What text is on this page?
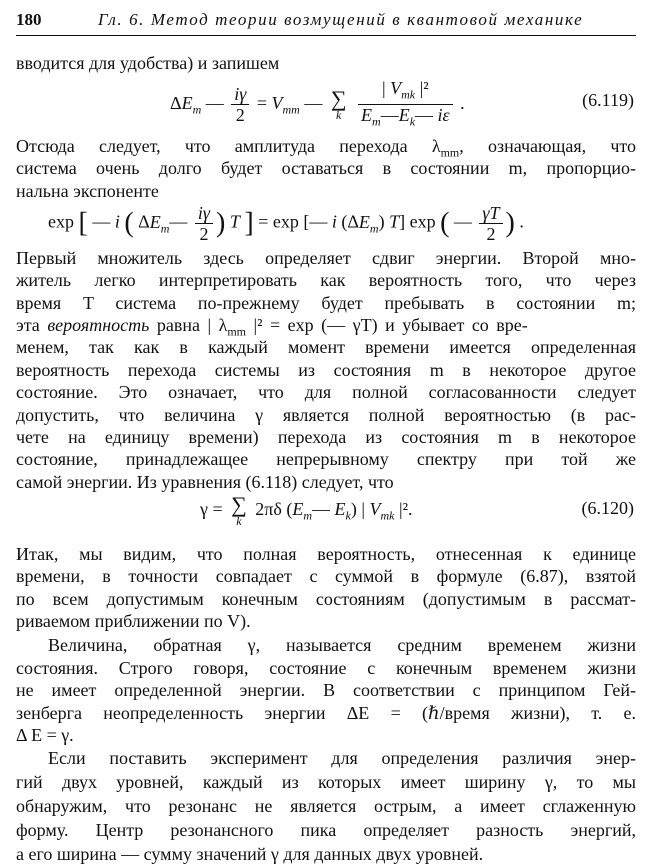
180	Гл. 6. Метод теории возмущений в квантовой механике
вводится для удобства) и запишем
$\Delta E_m$ — $\frac{i\gamma}{2} = V_{mm}$ — ∑
k
$\frac{| V_{mk} |^2}{E_m—E_k— i\varepsilon}$ .	(6.119)
Отсюда следует, что амплитуда перехода $\lambda_{mm}$, означающая, что
система очень долго будет оставаться в состоянии m, пропорцио-
нальна экспоненте
exp [ — i ( $\Delta E_m— \frac{i\gamma}{2}$ ) T ] = exp [— i $(\Delta E_m)$ T] exp ( — $\frac{\gamma T}{2}$ ) .
Первый множитель здесь определяет сдвиг энергии. Второй мно-
житель легко интерпретировать как вероятность того, что через
время T система по-прежнему будет пребывать в состоянии m;
эта вероятность равна | $\lambda_{mm}$ |² = exp (— γT) и убывает со вре-
менем, так как в каждый момент времени имеется определенная
вероятность перехода системы из состояния m в некоторое другое
состояние. Это означает, что для полной согласованности следует
допустить, что величина γ является полной вероятностью (в рас-
чете на единицу времени) перехода из состояния m в некоторое
состояние, принадлежащее непрерывному спектру при той же
самой энергии. Из уравнения (6.118) следует, что
γ = ∑
k
2πδ ($E_m—$ $E_k$) | $V_{mk}$ |².	(6.120)
Итак, мы видим, что полная вероятность, отнесенная к единице
времени, в точности совпадает с суммой в формуле (6.87), взятой
по всем допустимым конечным состояниям (допустимым в рассмат-
риваемом приближении по V).
Величина, обратная γ, называется средним временем жизни
состояния. Строго говоря, состояние с конечным временем жизни
не имеет определенной энергии. В соответствии с принципом Гей-
зенберга неопределенность энергии ΔE = (ℏ/время жизни), т. е.
Δ E = γ.
Если поставить эксперимент для определения различия энер-
гий двух уровней, каждый из которых имеет ширину γ, то мы
обнаружим, что резонанс не является острым, а имеет сглаженную
форму. Центр резонансного пика определяет разность энергий,
а его ширина — сумму значений γ для данных двух уровней.
